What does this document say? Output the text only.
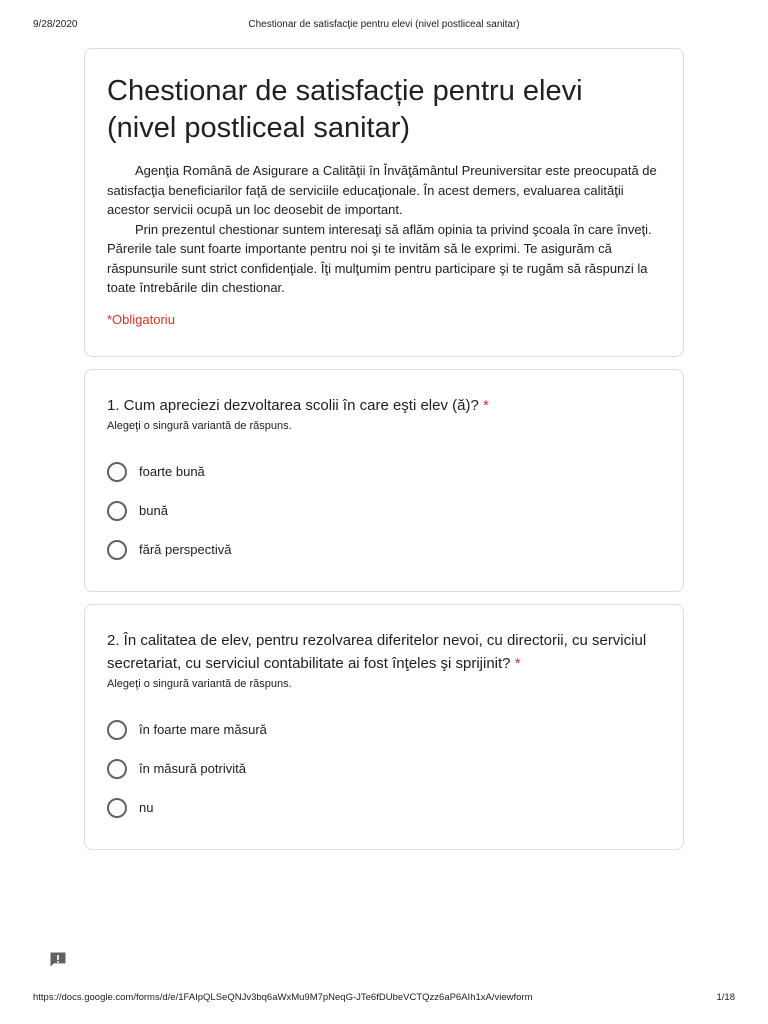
9/28/2020	Chestionar de satisfacţie pentru elevi (nivel postliceal sanitar)
Chestionar de satisfacție pentru elevi
(nivel postliceal sanitar)

Agenţia Română de Asigurare a Calităţii în Învăţământul Preuniversitar este preocupată de satisfacţia beneficiarilor faţă de serviciile educaţionale. În acest demers, evaluarea calităţii acestor servicii ocupă un loc deosebit de important.

Prin prezentul chestionar suntem interesaţi să aflăm opinia ta privind şcoala în care înveţi. Părerile tale sunt foarte importante pentru noi şi te invităm să le exprimi. Te asigurăm că răspunsurile sunt strict confidenţiale. Îţi mulţumim pentru participare şi te rugăm să răspunzi la toate întrebările din chestionar.

*Obligatoriu

1. Cum apreciezi dezvoltarea scolii în care eşti elev (ă)? *

Alegeţi o singură variantă de răspuns.
foarte bună
bună
fără perspectivă

2. În calitatea de elev, pentru rezolvarea diferitelor nevoi, cu directorii, cu serviciul secretariat, cu serviciul contabilitate ai fost înţeles şi sprijinit? *

Alegeţi o singură variantă de răspuns.
în foarte mare măsură
în măsură potrivită
nu
https://docs.google.com/forms/d/e/1FAIpQLSeQNJv3bq6aWxMu9M7pNeqG-JTe6fDUbeVCTQzz6aP6AIh1xA/viewform	1/18
